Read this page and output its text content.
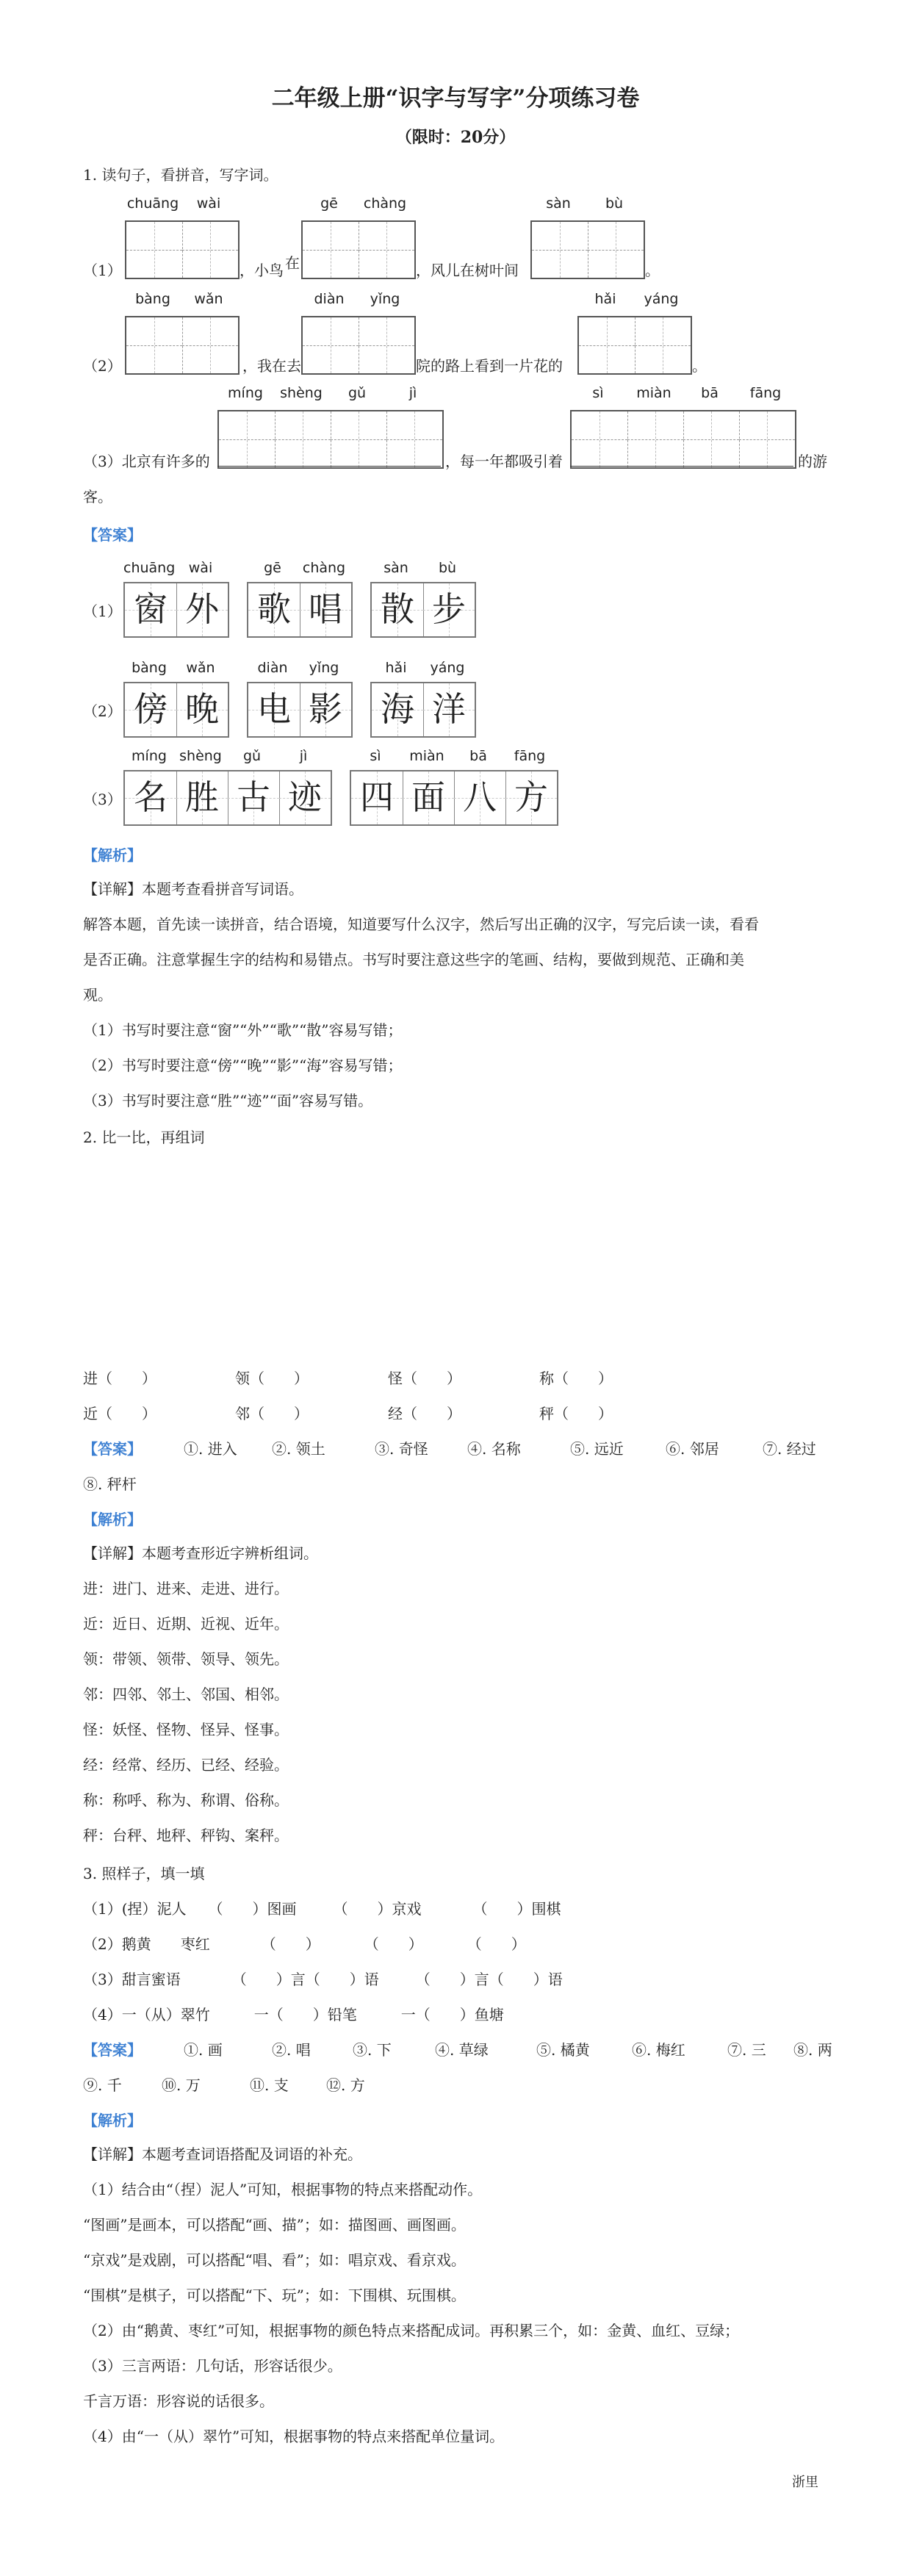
二年级上册“识字与写字”分项练习卷
（限时：20分）
1. 读句子，看拼音，写字词。
（1）
chuāng	wài
，小鸟 在
gē	chàng
，风儿在树叶间
sàn	bù
。
（2）
bàng	wǎn
，我在去
diàn	yǐng
院的路上看到一片花的
hǎi	yáng
。
（3）北京有许多的
míng	shèng	gǔ	jì
，每一年都吸引着
sì	miàn	bā	fāng
的游
客。
【答案】
（1）
chuāng wài
窗 外
gē	chàng
歌 唱
sàn	bù
散 步
（2）
bàng	wǎn
傍 晚
diàn	yǐng
电 影
hǎi	yáng
海 洋
（3）
míng shèng	gǔ	jì
名 胜 古 迹
sì	miàn	bā	fāng
四 面 八 方
【解析】
【详解】本题考查看拼音写词语。
解答本题，首先读一读拼音，结合语境，知道要写什么汉字，然后写出正确的汉字，写完后读一读，看看
是否正确。注意掌握生字的结构和易错点。书写时要注意这些字的笔画、结构，要做到规范、正确和美
观。
（1）书写时要注意“窗”“外”“歌”“散”容易写错；
（2）书写时要注意“傍”“晚”“影”“海”容易写错；
（3）书写时要注意“胜”“迹”“面”容易写错。
2. 比一比，再组词
进（　　）	领（　　）	怪（　　）	称（　　）
近（　　）	邻（　　）	经（　　）	秤（　　）
【答案】	①. 进入 ②. 领土	③. 奇怪	④. 名称	⑤. 远近	⑥. 邻居	⑦. 经过
⑧. 秤杆
【解析】
【详解】本题考查形近字辨析组词。
进：进门、进来、走进、进行。
近：近日、近期、近视、近年。
领：带领、领带、领导、领先。
邻：四邻、邻土、邻国、相邻。
怪：妖怪、怪物、怪异、怪事。
经：经常、经历、已经、经验。
称：称呼、称为、称谓、俗称。
秤：台秤、地秤、秤钩、案秤。
3. 照样子，填一填
（1）(捏）泥人　　（　　）图画　　　（　　）京戏　　　　（　　）围棋
（2）鹅黄　　枣红　　　　（　　）　　　　（　　）　　　　（　　）
（3）甜言蜜语　　　　（　　）言（　　）语　　　（　　）言（　　）语
（4）一（从）翠竹　　　一（　　）铅笔　　　一（　　）鱼塘
【答案】	①. 画	②. 唱	③. 下	④. 草绿	⑤. 橘黄	⑥. 梅红	⑦. 三 ⑧. 两
⑨. 千	⑩. 万	⑪. 支	⑫. 方
【解析】
【详解】本题考查词语搭配及词语的补充。
（1）结合由“（捏）泥人”可知，根据事物的特点来搭配动作。
“图画”是画本，可以搭配“画、描”；如：描图画、画图画。
“京戏”是戏剧，可以搭配“唱、看”；如：唱京戏、看京戏。
“围棋”是棋子，可以搭配“下、玩”；如：下围棋、玩围棋。
（2）由“鹅黄、枣红”可知，根据事物的颜色特点来搭配成词。再积累三个，如：金黄、血红、豆绿；
（3）三言两语：几句话，形容话很少。
千言万语：形容说的话很多。
（4）由“一（从）翠竹”可知，根据事物的特点来搭配单位量词。
浙里
